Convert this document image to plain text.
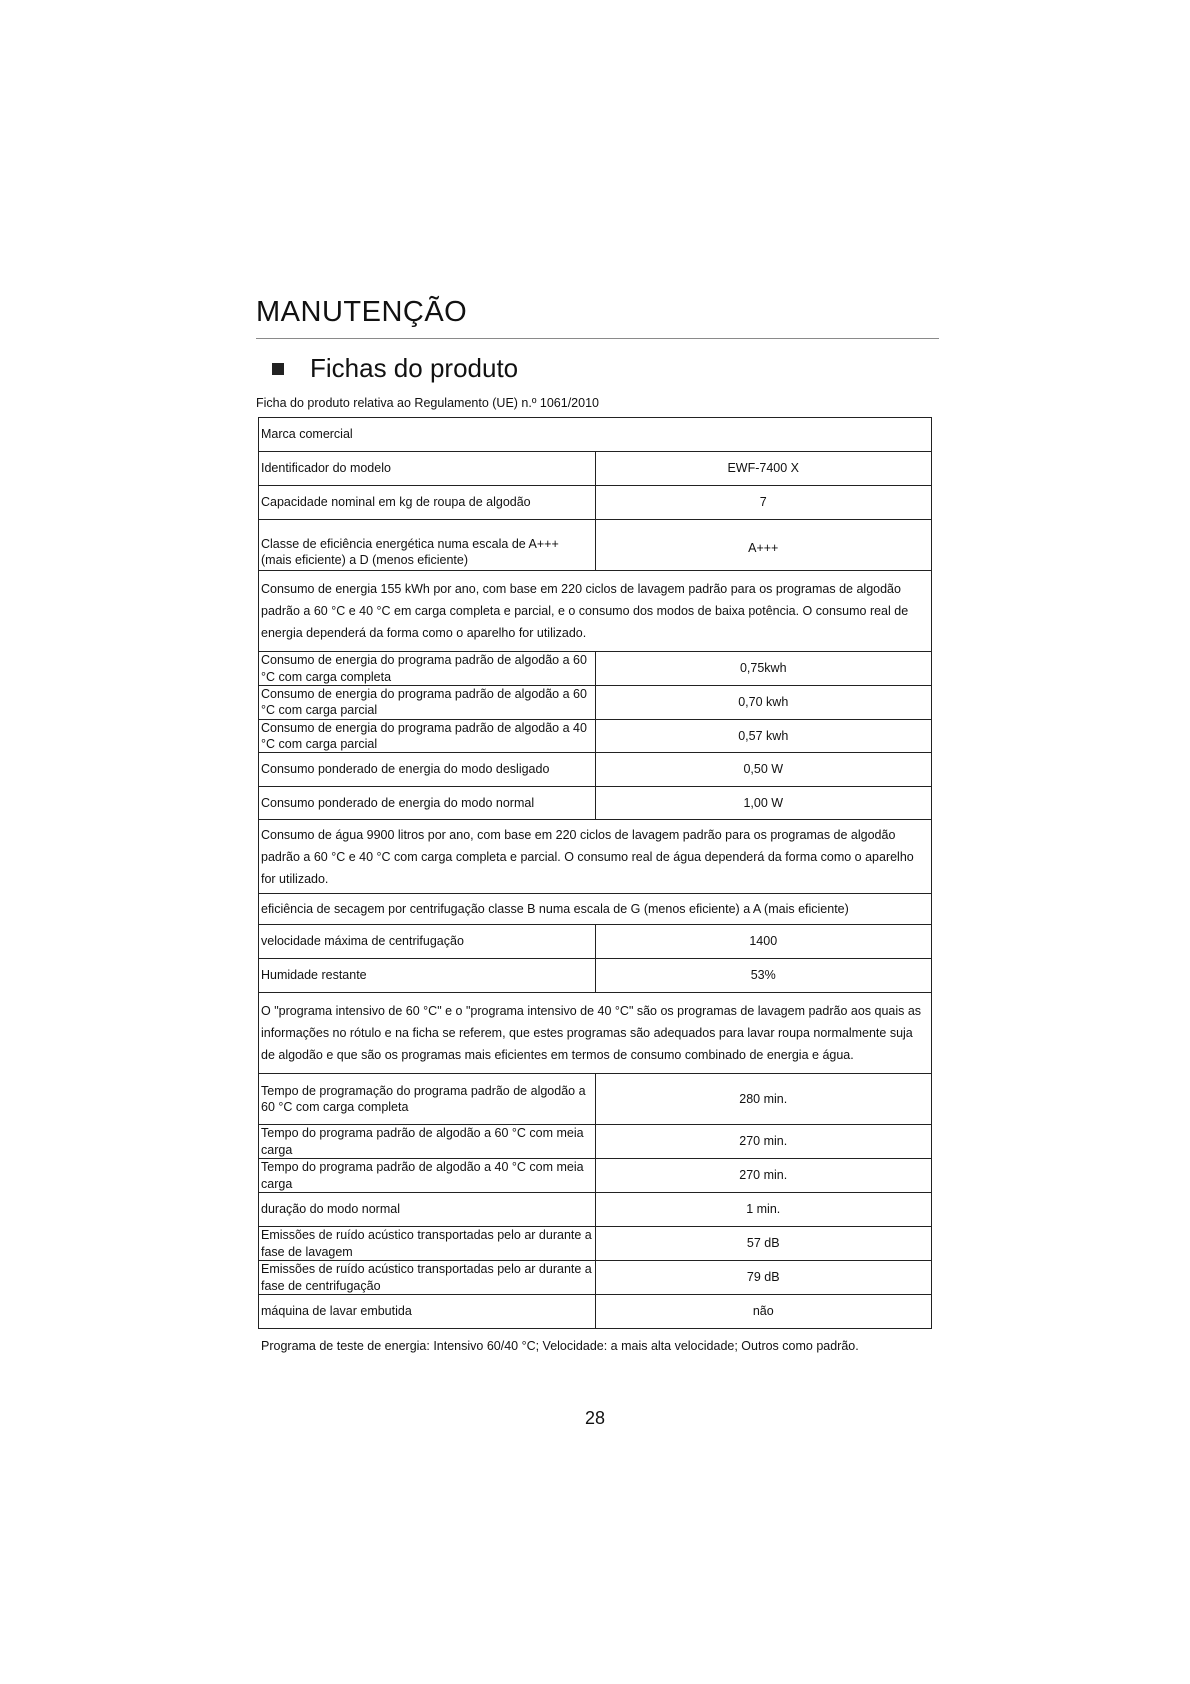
MANUTENÇÃO
Fichas do produto
Ficha do produto relativa ao Regulamento (UE) n.º 1061/2010
Marca comercial	
Identificador do modelo	EWF-7400 X
Capacidade nominal em kg de roupa de algodão	7
Classe de eficiência energética numa escala de A+++ (mais eficiente) a D (menos eficiente)	A+++
Consumo de energia 155 kWh por ano, com base em 220 ciclos de lavagem padrão para os programas de algodão padrão a 60 °C e 40 °C em carga completa e parcial, e o consumo dos modos de baixa potência. O consumo real de energia dependerá da forma como o aparelho for utilizado.	
Consumo de energia do programa padrão de algodão a 60 °C com carga completa	0,75kwh
Consumo de energia do programa padrão de algodão a 60 °C com carga parcial	0,70 kwh
Consumo de energia do programa padrão de algodão a 40 °C com carga parcial	0,57 kwh
Consumo ponderado de energia do modo desligado	0,50 W
Consumo ponderado de energia do modo normal	1,00 W
Consumo de água 9900 litros por ano, com base em 220 ciclos de lavagem padrão para os programas de algodão padrão a 60 °C e 40 °C com carga completa e parcial. O consumo real de água dependerá da forma como o aparelho for utilizado.	
eficiência de secagem por centrifugação classe B numa escala de G (menos eficiente) a A (mais eficiente)	
velocidade máxima de centrifugação	1400
Humidade restante	53%
O "programa intensivo de 60 °C" e o "programa intensivo de 40 °C" são os programas de lavagem padrão aos quais as informações no rótulo e na ficha se referem, que estes programas são adequados para lavar roupa normalmente suja de algodão e que são os programas mais eficientes em termos de consumo combinado de energia e água.	
Tempo de programação do programa padrão de algodão a 60 °C com carga completa	280 min.
Tempo do programa padrão de algodão a 60 °C com meia carga	270 min.
Tempo do programa padrão de algodão a 40 °C com meia carga	270 min.
duração do modo normal	1 min.
Emissões de ruído acústico transportadas pelo ar durante a fase de lavagem	57 dB
Emissões de ruído acústico transportadas pelo ar durante a fase de centrifugação	79 dB
máquina de lavar embutida	não
Programa de teste de energia: Intensivo 60/40 °C; Velocidade: a mais alta velocidade; Outros como padrão.
28
